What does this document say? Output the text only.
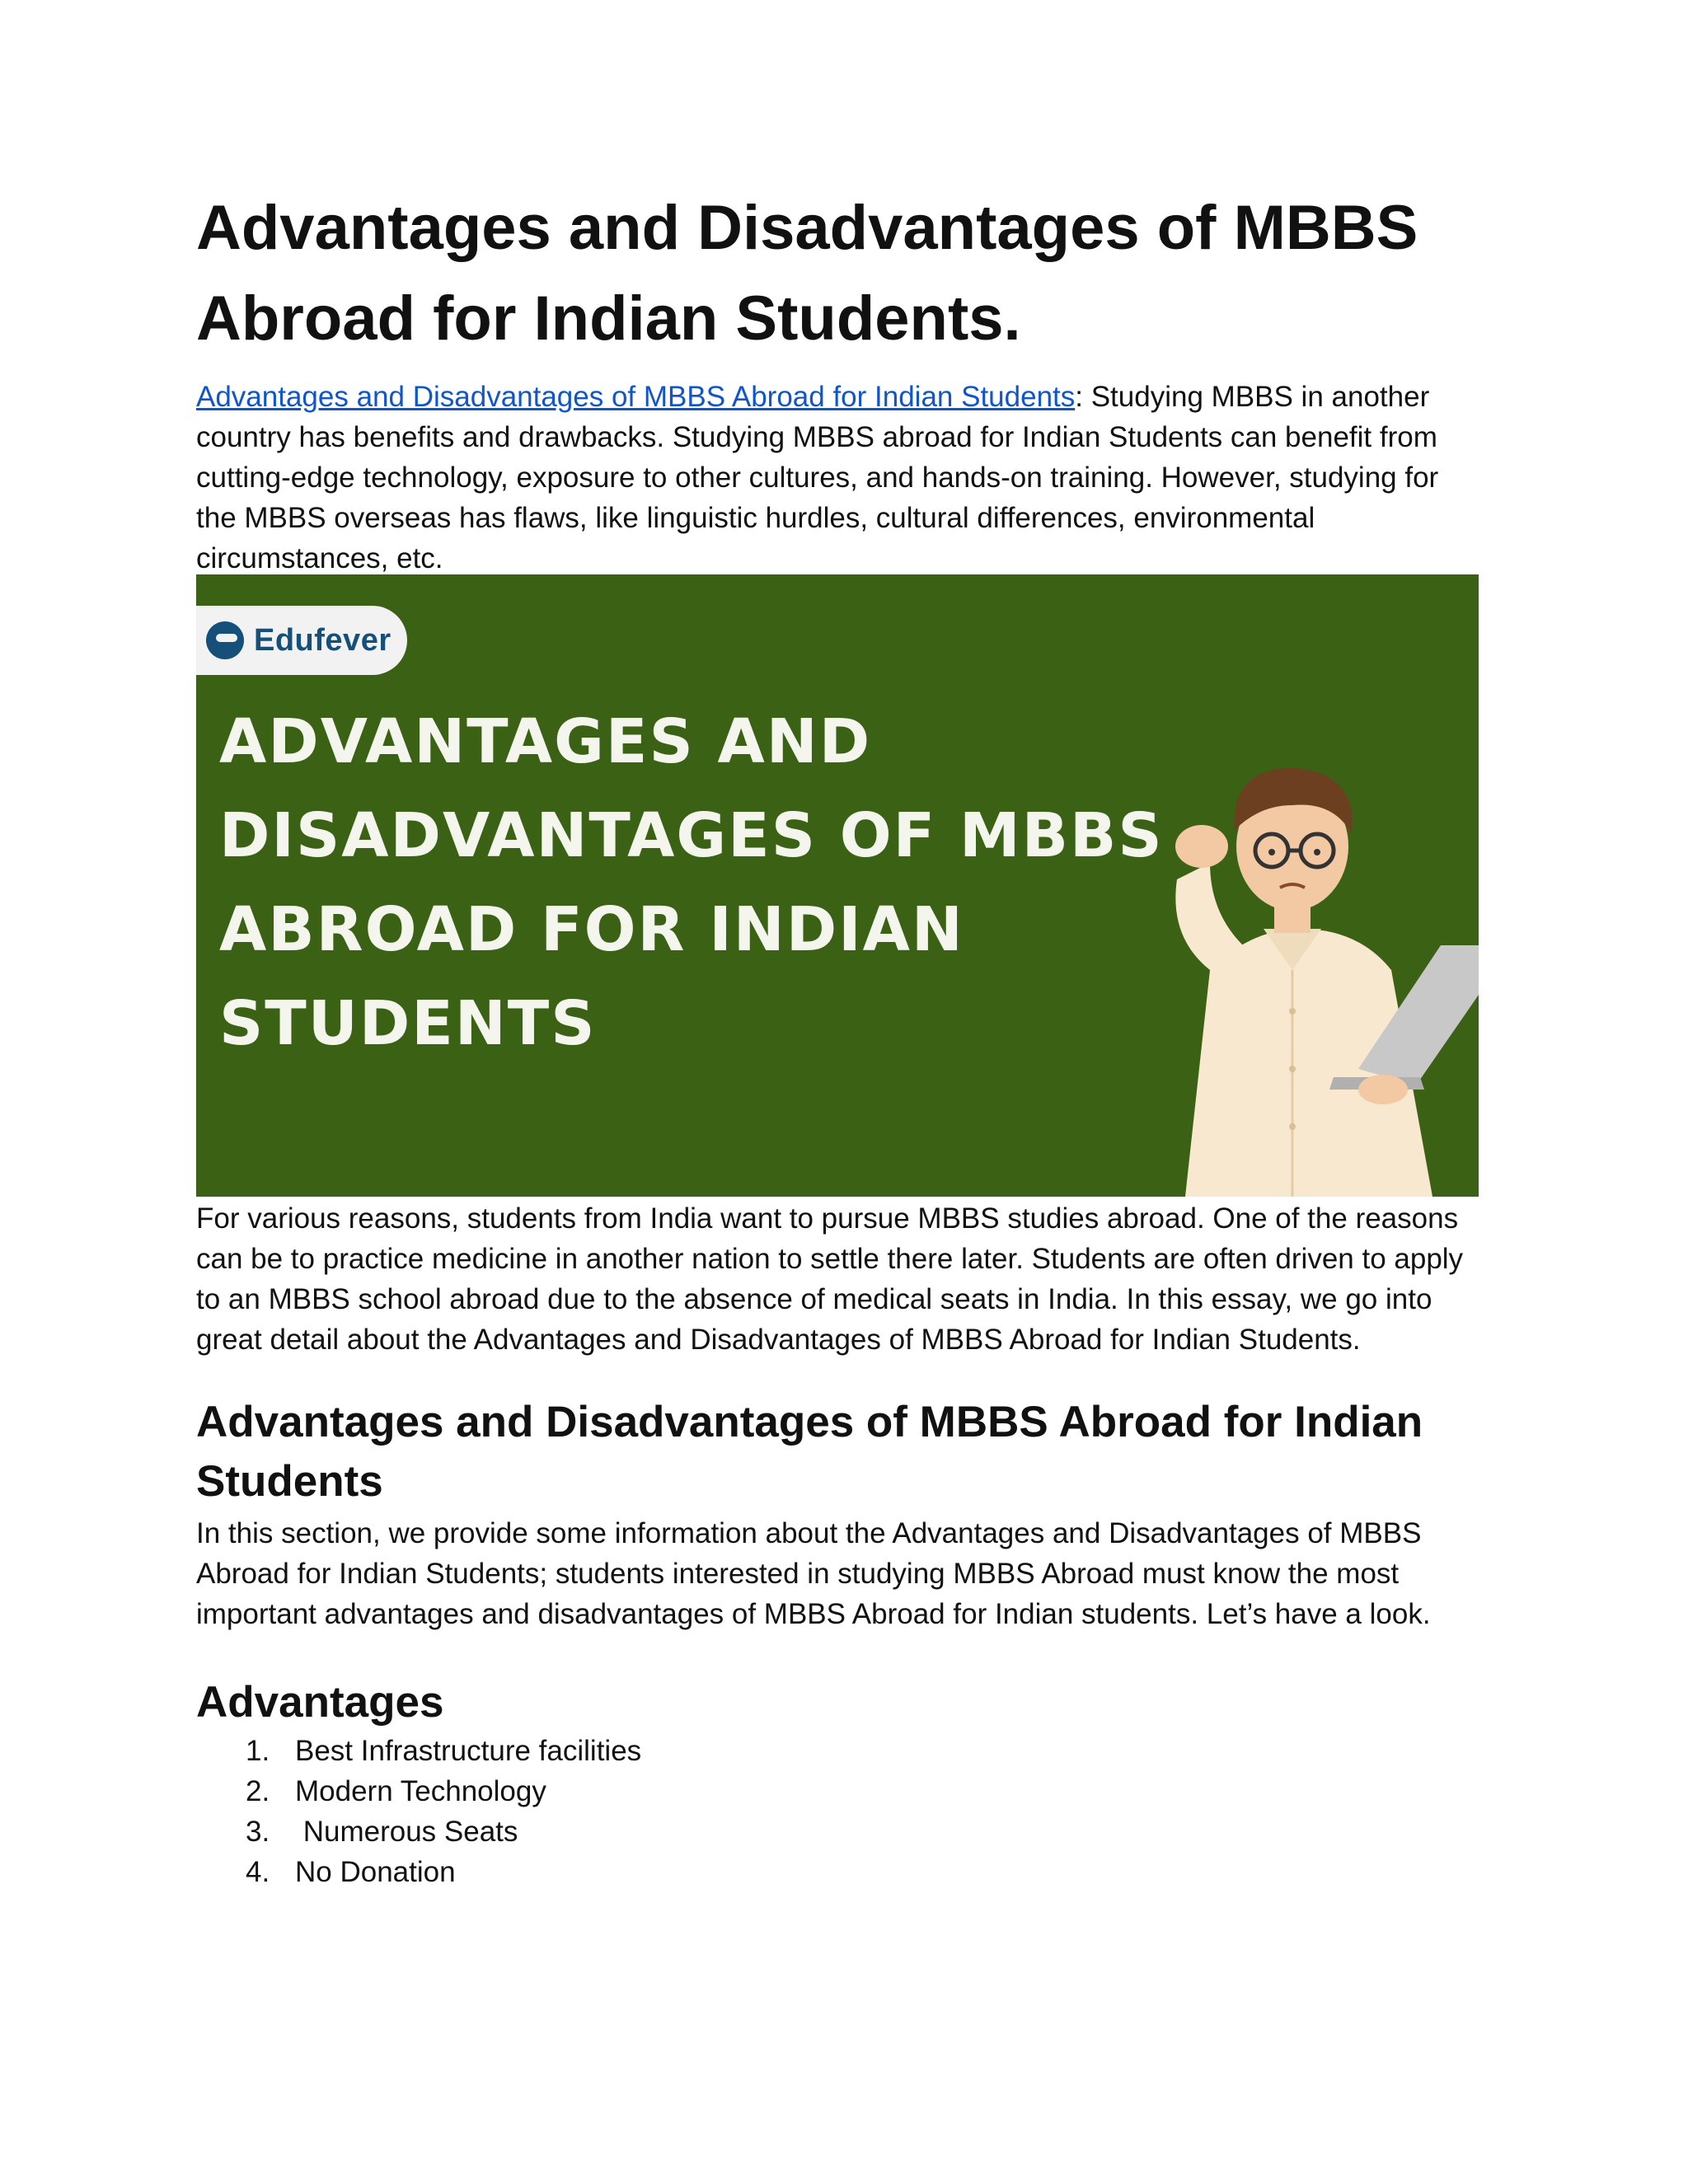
Advantages and Disadvantages of MBBS Abroad for Indian Students.

Advantages and Disadvantages of MBBS Abroad for Indian Students: Studying MBBS in another country has benefits and drawbacks. Studying MBBS abroad for Indian Students can benefit from cutting-edge technology, exposure to other cultures, and hands-on training. However, studying for the MBBS overseas has flaws, like linguistic hurdles, cultural differences, environmental circumstances, etc.

Edufever
ADVANTAGES AND
DISADVANTAGES OF MBBS
ABROAD FOR INDIAN
STUDENTS

For various reasons, students from India want to pursue MBBS studies abroad. One of the reasons can be to practice medicine in another nation to settle there later. Students are often driven to apply to an MBBS school abroad due to the absence of medical seats in India. In this essay, we go into great detail about the Advantages and Disadvantages of MBBS Abroad for Indian Students.

Advantages and Disadvantages of MBBS Abroad for Indian Students

In this section, we provide some information about the Advantages and Disadvantages of MBBS Abroad for Indian Students; students interested in studying MBBS Abroad must know the most important advantages and disadvantages of MBBS Abroad for Indian students. Let’s have a look.

Advantages
1. Best Infrastructure facilities
2. Modern Technology
3. Numerous Seats
4. No Donation
